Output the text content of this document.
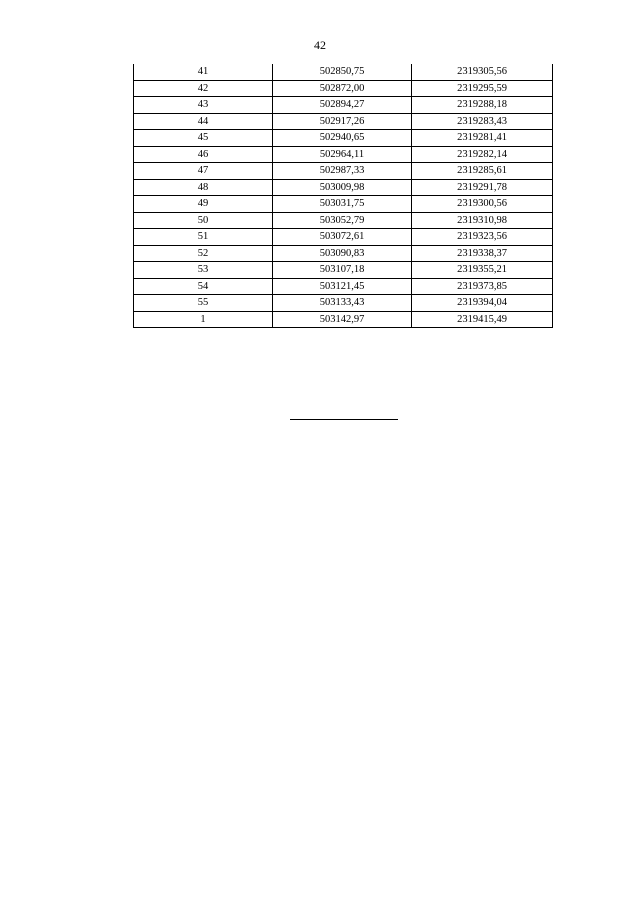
42
41	502850,75	2319305,56
42	502872,00	2319295,59
43	502894,27	2319288,18
44	502917,26	2319283,43
45	502940,65	2319281,41
46	502964,11	2319282,14
47	502987,33	2319285,61
48	503009,98	2319291,78
49	503031,75	2319300,56
50	503052,79	2319310,98
51	503072,61	2319323,56
52	503090,83	2319338,37
53	503107,18	2319355,21
54	503121,45	2319373,85
55	503133,43	2319394,04
1	503142,97	2319415,49
